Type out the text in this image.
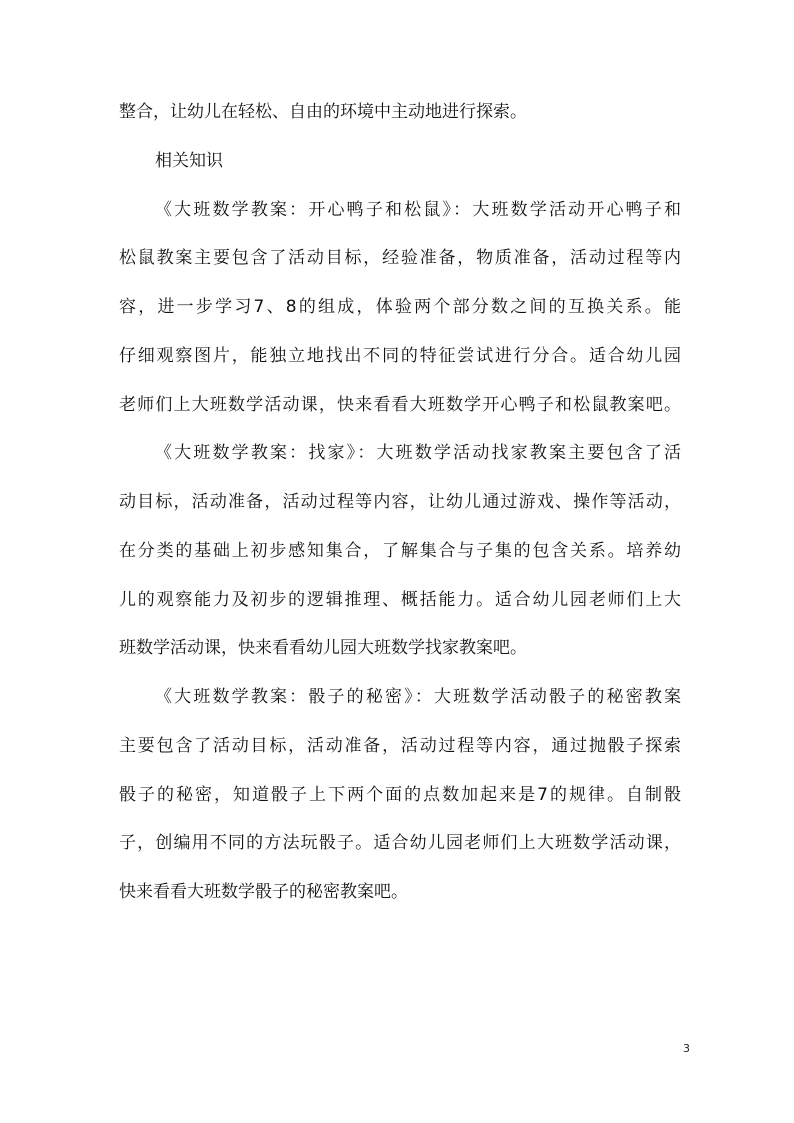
整合，让幼儿在轻松、自由的环境中主动地进行探索。
相关知识
《大班数学教案：开心鸭子和松鼠》：大班数学活动开心鸭子和
松鼠教案主要包含了活动目标，经验准备，物质准备，活动过程等内
容，进一步学习7、8的组成，体验两个部分数之间的互换关系。能
仔细观察图片，能独立地找出不同的特征尝试进行分合。适合幼儿园
老师们上大班数学活动课，快来看看大班数学开心鸭子和松鼠教案吧。
《大班数学教案：找家》：大班数学活动找家教案主要包含了活
动目标，活动准备，活动过程等内容，让幼儿通过游戏、操作等活动，
在分类的基础上初步感知集合，了解集合与子集的包含关系。培养幼
儿的观察能力及初步的逻辑推理、概括能力。适合幼儿园老师们上大
班数学活动课，快来看看幼儿园大班数学找家教案吧。
《大班数学教案：骰子的秘密》：大班数学活动骰子的秘密教案
主要包含了活动目标，活动准备，活动过程等内容，通过抛骰子探索
骰子的秘密，知道骰子上下两个面的点数加起来是7的规律。自制骰
子，创编用不同的方法玩骰子。适合幼儿园老师们上大班数学活动课，
快来看看大班数学骰子的秘密教案吧。
3
